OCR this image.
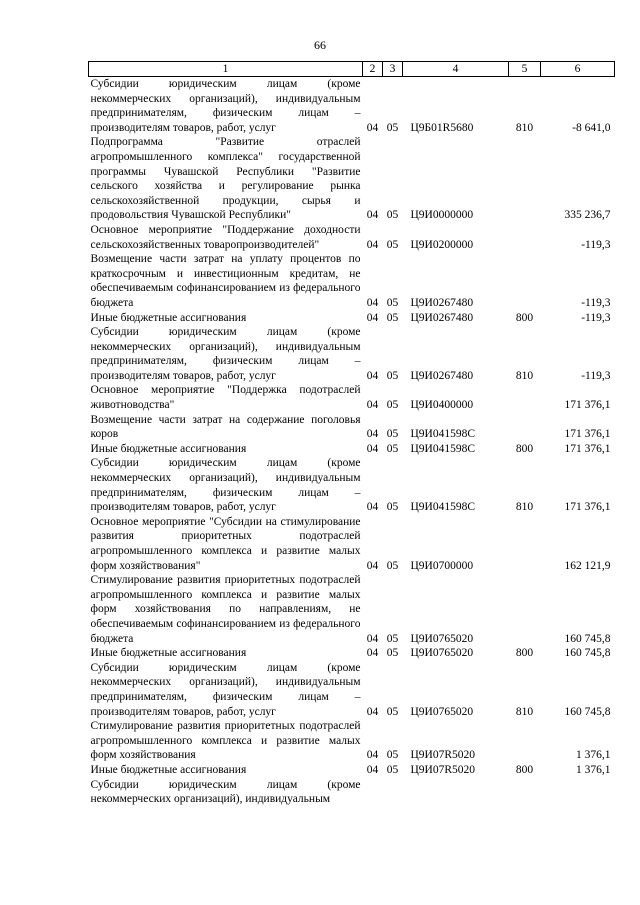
66
1	2	3	4	5	6
Субсидии юридическим лицам (кроме некоммерческих организаций), индивидуальным предпринимателям, физическим лицам – производителям товаров, работ, услуг	04	05	Ц9Б01R5680	810	-8 641,0
Подпрограмма "Развитие отраслей агропромышленного комплекса" государственной программы Чувашской Республики "Развитие сельского хозяйства и регулирование рынка сельскохозяйственной продукции, сырья и продовольствия Чувашской Республики"	04	05	Ц9И0000000		335 236,7
Основное мероприятие "Поддержание доходности сельскохозяйственных товаропроизводителей"	04	05	Ц9И0200000		-119,3
Возмещение части затрат на уплату процентов по краткосрочным и инвестиционным кредитам, не обеспечиваемым софинансированием из федерального бюджета	04	05	Ц9И0267480		-119,3
Иные бюджетные ассигнования	04	05	Ц9И0267480	800	-119,3
Субсидии юридическим лицам (кроме некоммерческих организаций), индивидуальным предпринимателям, физическим лицам – производителям товаров, работ, услуг	04	05	Ц9И0267480	810	-119,3
Основное мероприятие "Поддержка подотраслей животноводства"	04	05	Ц9И0400000		171 376,1
Возмещение части затрат на содержание поголовья коров	04	05	Ц9И041598С		171 376,1
Иные бюджетные ассигнования	04	05	Ц9И041598С	800	171 376,1
Субсидии юридическим лицам (кроме некоммерческих организаций), индивидуальным предпринимателям, физическим лицам – производителям товаров, работ, услуг	04	05	Ц9И041598С	810	171 376,1
Основное мероприятие "Субсидии на стимулирование развития приоритетных подотраслей агропромышленного комплекса и развитие малых форм хозяйствования"	04	05	Ц9И0700000		162 121,9
Стимулирование развития приоритетных подотраслей агропромышленного комплекса и развитие малых форм хозяйствования по направлениям, не обеспечиваемым софинансированием из федерального бюджета	04	05	Ц9И0765020		160 745,8
Иные бюджетные ассигнования	04	05	Ц9И0765020	800	160 745,8
Субсидии юридическим лицам (кроме некоммерческих организаций), индивидуальным предпринимателям, физическим лицам – производителям товаров, работ, услуг	04	05	Ц9И0765020	810	160 745,8
Стимулирование развития приоритетных подотраслей агропромышленного комплекса и развитие малых форм хозяйствования	04	05	Ц9И07R5020		1 376,1
Иные бюджетные ассигнования	04	05	Ц9И07R5020	800	1 376,1
Субсидии юридическим лицам (кроме некоммерческих организаций), индивидуальным					
